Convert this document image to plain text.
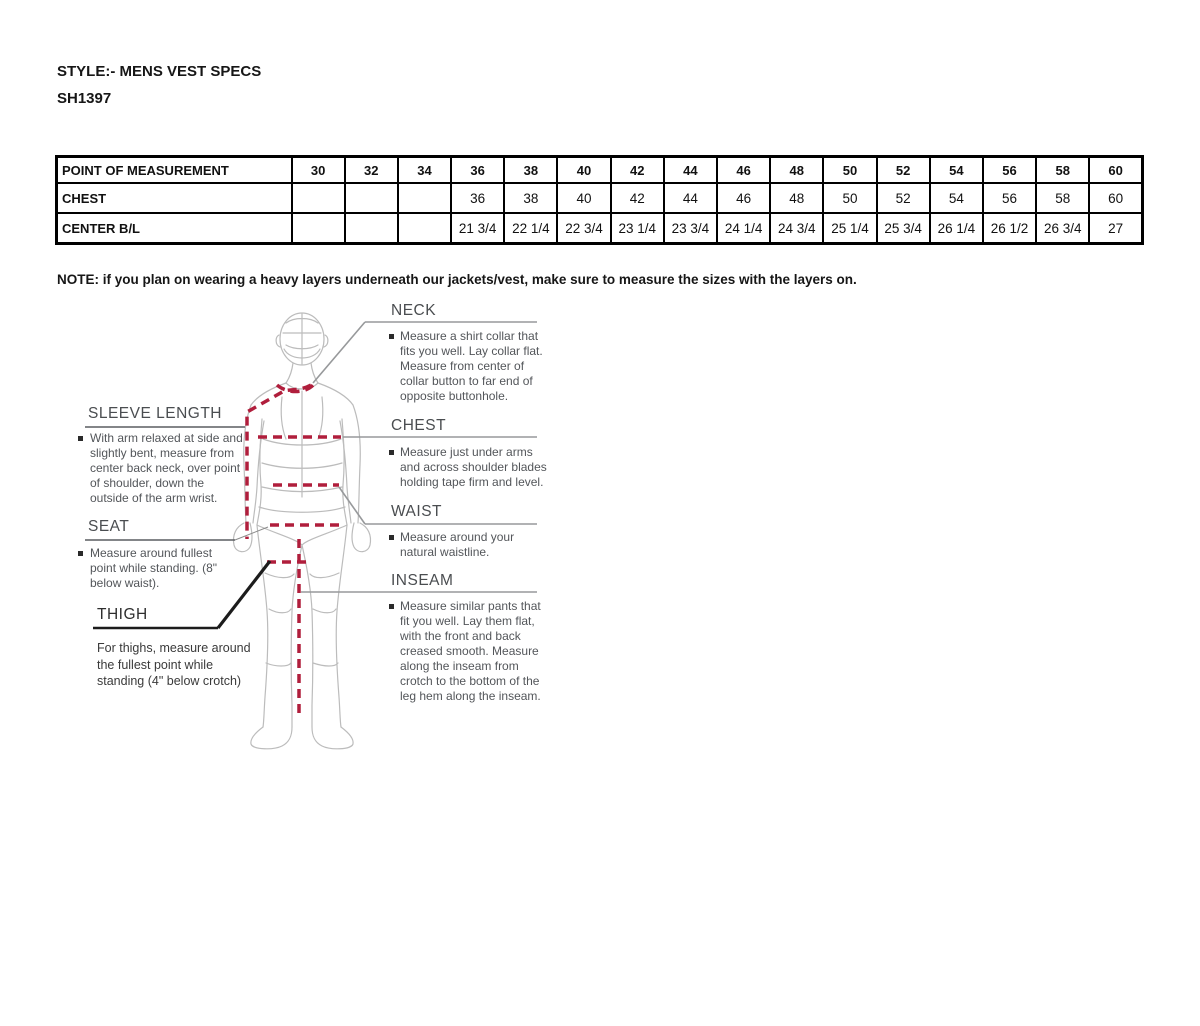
STYLE:- MENS VEST SPECS
SH1397
POINT OF MEASUREMENT	30	32	34	36	38	40	42	44	46	48	50	52	54	56	58	60
CHEST				36	38	40	42	44	46	48	50	52	54	56	58	60
CENTER B/L				21 3/4	22 1/4	22 3/4	23 1/4	23 3/4	24 1/4	24 3/4	25 1/4	25 3/4	26 1/4	26 1/2	26 3/4	27
NOTE: if you plan on wearing a heavy layers underneath our jackets/vest, make sure to measure the sizes with the layers on.
NECK
Measure a shirt collar that fits you well. Lay collar flat. Measure from center of collar button to far end of opposite buttonhole.
CHEST
Measure just under arms and across shoulder blades holding tape firm and level.
WAIST
Measure around your natural waistline.
INSEAM
Measure similar pants that fit you well. Lay them flat, with the front and back creased smooth. Measure along the inseam from crotch to the bottom of the leg hem along the inseam.
SLEEVE LENGTH
With arm relaxed at side and slightly bent, measure from center back neck, over point of shoulder, down the outside of the arm wrist.
SEAT
Measure around fullest point while standing. (8" below waist).
THIGH
For thighs, measure around the fullest point while standing (4" below crotch)
